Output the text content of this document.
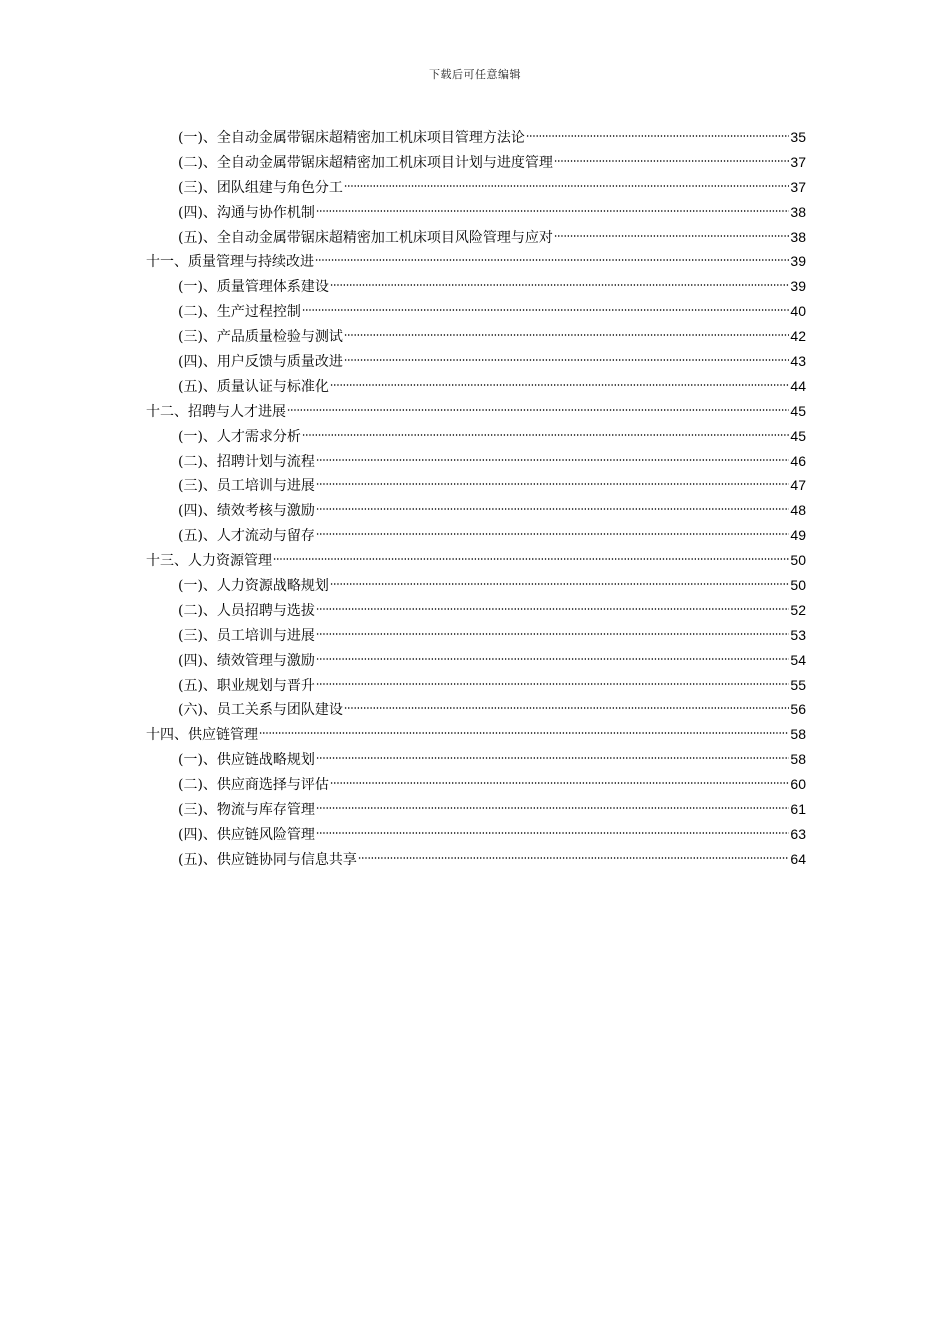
下载后可任意编辑
(一)、全自动金属带锯床超精密加工机床项目管理方法论	35
(二)、全自动金属带锯床超精密加工机床项目计划与进度管理	37
(三)、团队组建与角色分工	37
(四)、沟通与协作机制	38
(五)、全自动金属带锯床超精密加工机床项目风险管理与应对	38
十一、质量管理与持续改进	39
(一)、质量管理体系建设	39
(二)、生产过程控制	40
(三)、产品质量检验与测试	42
(四)、用户反馈与质量改进	43
(五)、质量认证与标准化	44
十二、招聘与人才进展	45
(一)、人才需求分析	45
(二)、招聘计划与流程	46
(三)、员工培训与进展	47
(四)、绩效考核与激励	48
(五)、人才流动与留存	49
十三、人力资源管理	50
(一)、人力资源战略规划	50
(二)、人员招聘与选拔	52
(三)、员工培训与进展	53
(四)、绩效管理与激励	54
(五)、职业规划与晋升	55
(六)、员工关系与团队建设	56
十四、供应链管理	58
(一)、供应链战略规划	58
(二)、供应商选择与评估	60
(三)、物流与库存管理	61
(四)、供应链风险管理	63
(五)、供应链协同与信息共享	64
